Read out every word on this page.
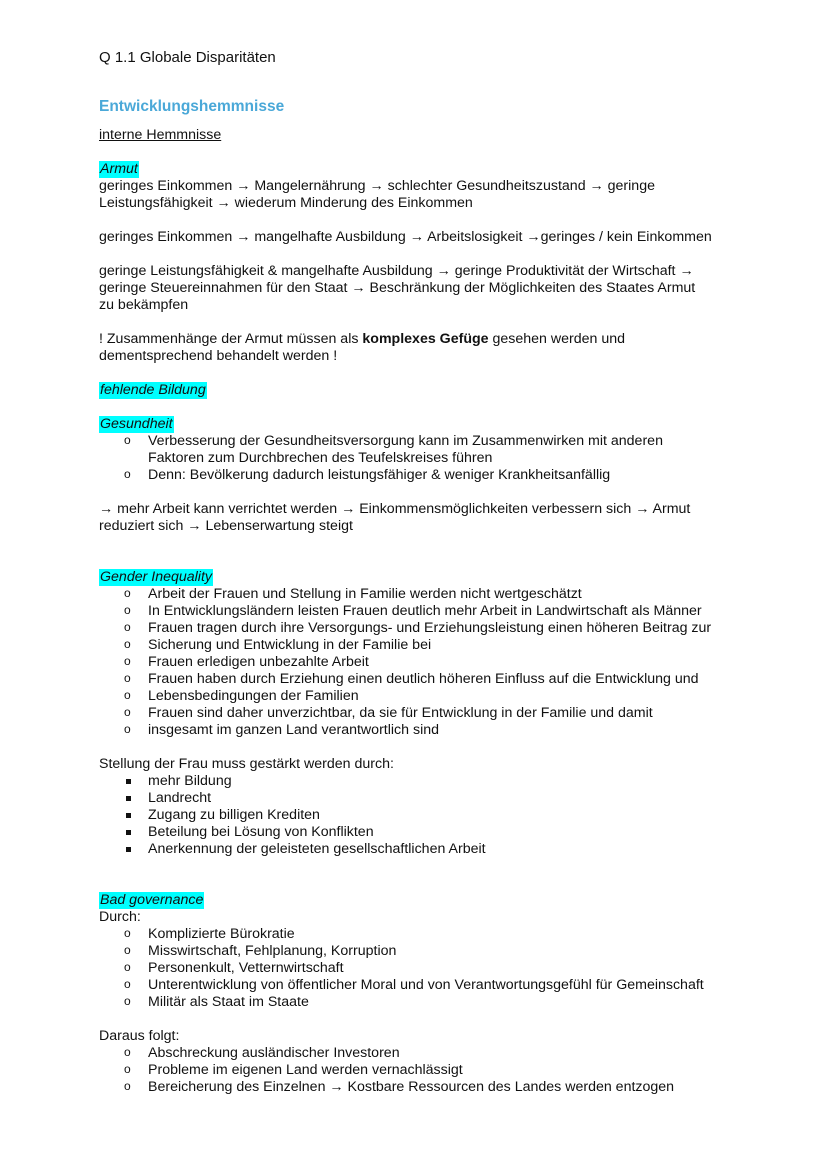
Q 1.1 Globale Disparitäten
Entwicklungshemmnisse
interne Hemmnisse
Armut

geringes Einkommen → Mangelernährung → schlechter Gesundheitszustand → geringe

Leistungsfähigkeit → wiederum Minderung des Einkommen

geringes Einkommen → mangelhafte Ausbildung → Arbeitslosigkeit →geringes / kein Einkommen

geringe Leistungsfähigkeit & mangelhafte Ausbildung → geringe Produktivität der Wirtschaft →

geringe Steuereinnahmen für den Staat → Beschränkung der Möglichkeiten des Staates Armut

zu bekämpfen

! Zusammenhänge der Armut müssen als komplexes Gefüge gesehen werden und

dementsprechend behandelt werden !

fehlende Bildung
Gesundheit
o Verbesserung der Gesundheitsversorgung kann im Zusammenwirken mit anderen
Faktoren zum Durchbrechen des Teufelskreises führen
o Denn: Bevölkerung dadurch leistungsfähiger & weniger Krankheitsanfällig

→ mehr Arbeit kann verrichtet werden → Einkommensmöglichkeiten verbessern sich → Armut

reduziert sich → Lebenserwartung steigt

Gender Inequality
o Arbeit der Frauen und Stellung in Familie werden nicht wertgeschätzt
o In Entwicklungsländern leisten Frauen deutlich mehr Arbeit in Landwirtschaft als Männer
o Frauen tragen durch ihre Versorgungs- und Erziehungsleistung einen höheren Beitrag zur
o Sicherung und Entwicklung in der Familie bei
o Frauen erledigen unbezahlte Arbeit
o Frauen haben durch Erziehung einen deutlich höheren Einfluss auf die Entwicklung und
o Lebensbedingungen der Familien
o Frauen sind daher unverzichtbar, da sie für Entwicklung in der Familie und damit
o insgesamt im ganzen Land verantwortlich sind

Stellung der Frau muss gestärkt werden durch:

mehr Bildung
Landrecht
Zugang zu billigen Krediten
Beteilung bei Lösung von Konflikten
Anerkennung der geleisteten gesellschaftlichen Arbeit
Bad governance

Durch:

o Komplizierte Bürokratie
o Misswirtschaft, Fehlplanung, Korruption
o Personenkult, Vetternwirtschaft
o Unterentwicklung von öffentlicher Moral und von Verantwortungsgefühl für Gemeinschaft
o Militär als Staat im Staate

Daraus folgt:

o Abschreckung ausländischer Investoren
o Probleme im eigenen Land werden vernachlässigt
o Bereicherung des Einzelnen → Kostbare Ressourcen des Landes werden entzogen
